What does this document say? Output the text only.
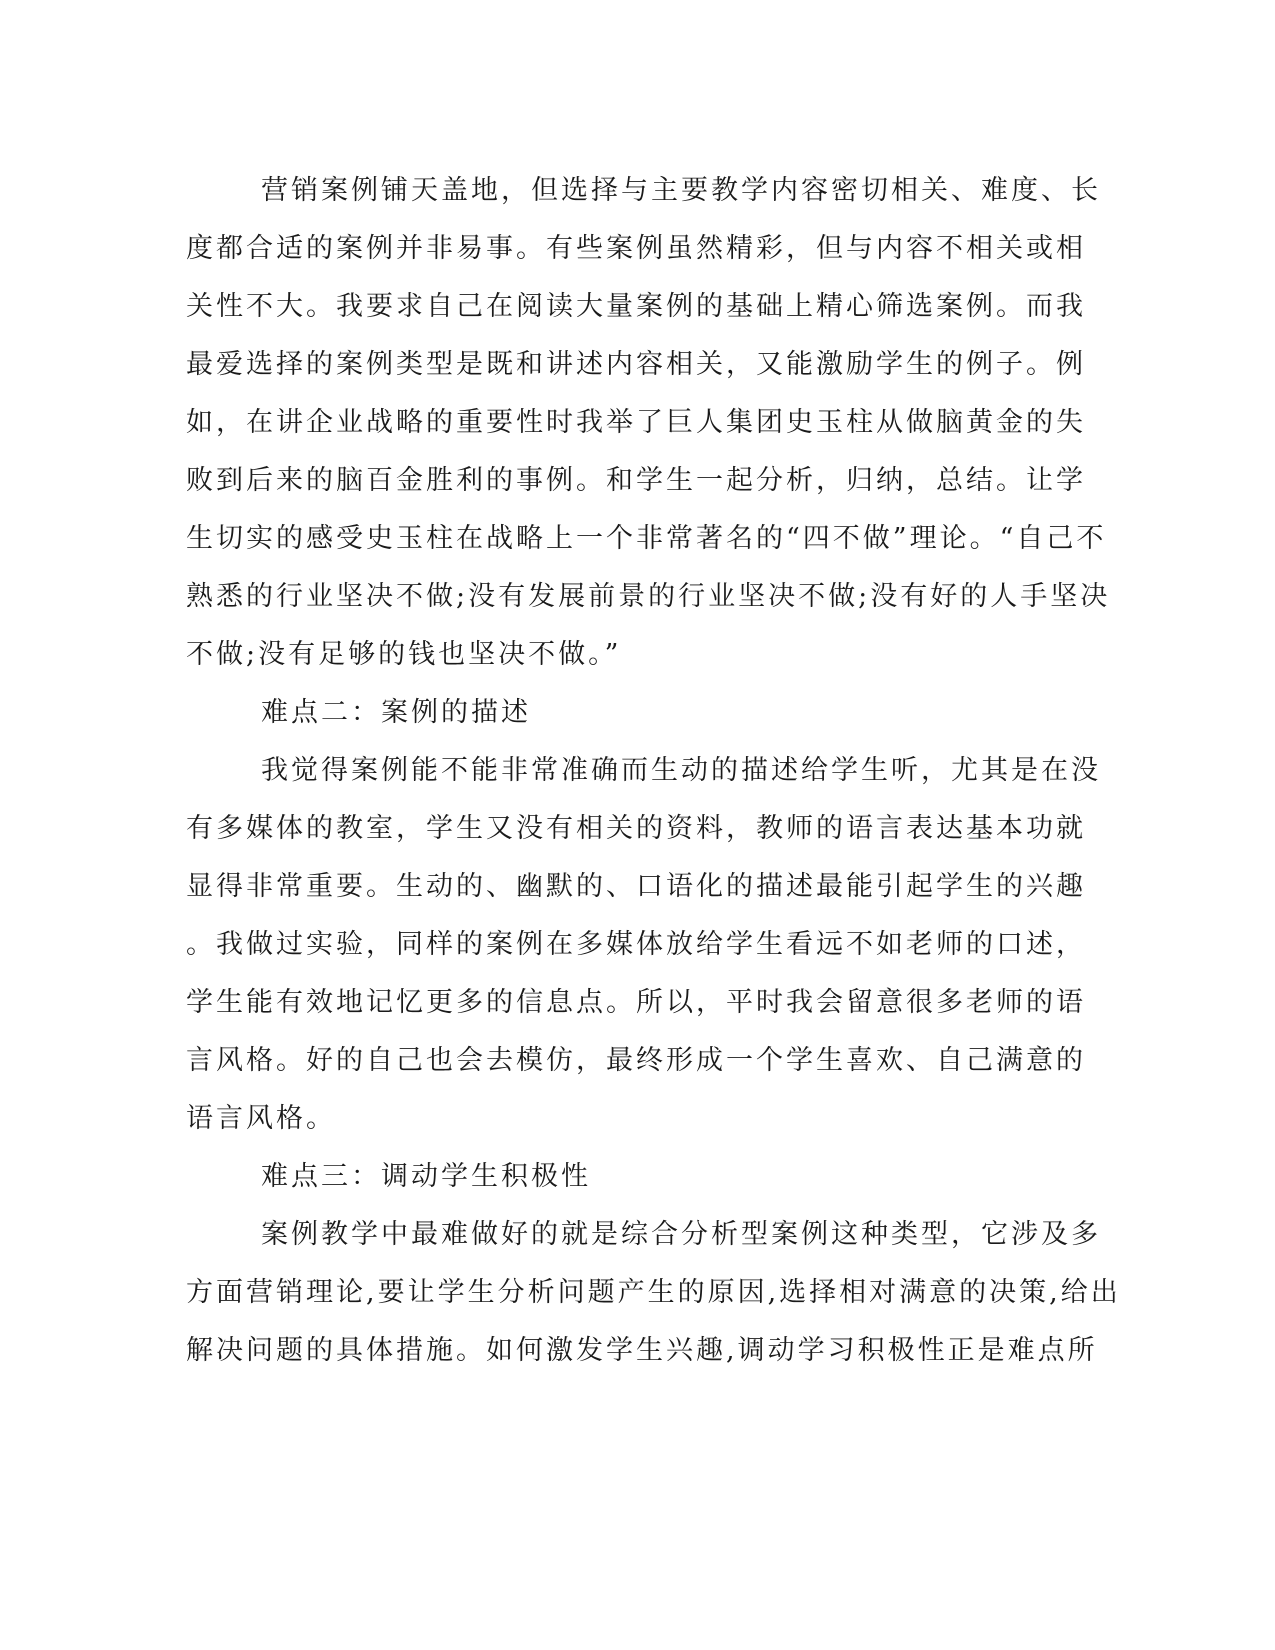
营销案例铺天盖地，但选择与主要教学内容密切相关、难度、长
度都合适的案例并非易事。有些案例虽然精彩，但与内容不相关或相
关性不大。我要求自己在阅读大量案例的基础上精心筛选案例。而我
最爱选择的案例类型是既和讲述内容相关，又能激励学生的例子。例
如，在讲企业战略的重要性时我举了巨人集团史玉柱从做脑黄金的失
败到后来的脑百金胜利的事例。和学生一起分析，归纳，总结。让学
生切实的感受史玉柱在战略上一个非常著名的“四不做”理论。“自己不
熟悉的行业坚决不做;没有发展前景的行业坚决不做;没有好的人手坚决
不做;没有足够的钱也坚决不做。”
难点二：案例的描述
我觉得案例能不能非常准确而生动的描述给学生听，尤其是在没
有多媒体的教室，学生又没有相关的资料，教师的语言表达基本功就
显得非常重要。生动的、幽默的、口语化的描述最能引起学生的兴趣
。我做过实验，同样的案例在多媒体放给学生看远不如老师的口述，
学生能有效地记忆更多的信息点。所以，平时我会留意很多老师的语
言风格。好的自己也会去模仿，最终形成一个学生喜欢、自己满意的
语言风格。
难点三：调动学生积极性
案例教学中最难做好的就是综合分析型案例这种类型，它涉及多
方面营销理论,要让学生分析问题产生的原因,选择相对满意的决策,给出
解决问题的具体措施。如何激发学生兴趣,调动学习积极性正是难点所
